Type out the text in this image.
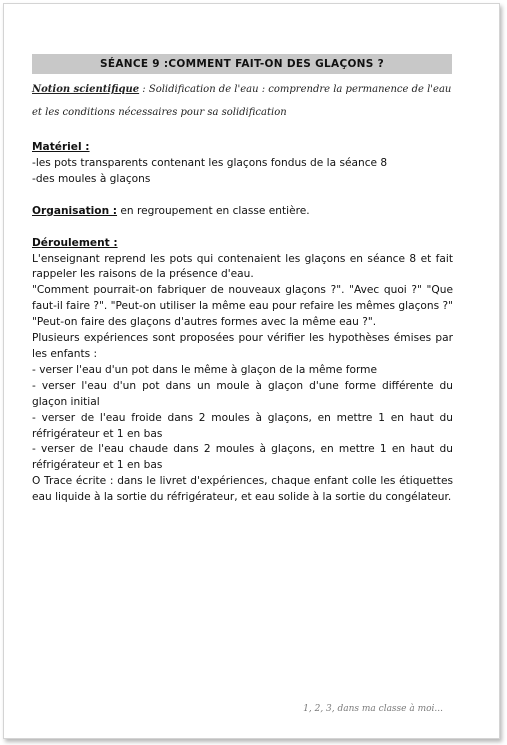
SÉANCE 9 :COMMENT FAIT-ON DES GLAÇONS ?
Notion scientifique : Solidification de l'eau : comprendre la permanence de l'eau et les conditions nécessaires pour sa solidification
Matériel :
-les pots transparents contenant les glaçons fondus de la séance 8
-des moules à glaçons
Organisation : en regroupement en classe entière.
Déroulement :
L'enseignant reprend les pots qui contenaient les glaçons en séance 8 et fait rappeler les raisons de la présence d'eau.
"Comment pourrait-on fabriquer de nouveaux glaçons ?". "Avec quoi ?" "Que faut-il faire ?". "Peut-on utiliser la même eau pour refaire les mêmes glaçons ?" "Peut-on faire des glaçons d'autres formes avec la même eau ?".
Plusieurs expériences sont proposées pour vérifier les hypothèses émises par les enfants :
- verser l'eau d'un pot dans le même à glaçon de la même forme
- verser l'eau d'un pot dans un moule à glaçon d'une forme différente du glaçon initial
- verser de l'eau froide dans 2 moules à glaçons, en mettre 1 en haut du réfrigérateur et 1 en bas
- verser de l'eau chaude dans 2 moules à glaçons, en mettre 1 en haut du réfrigérateur et 1 en bas
O Trace écrite : dans le livret d'expériences, chaque enfant colle les étiquettes eau liquide à la sortie du réfrigérateur, et eau solide à la sortie du congélateur.
1, 2, 3, dans ma classe à moi...
